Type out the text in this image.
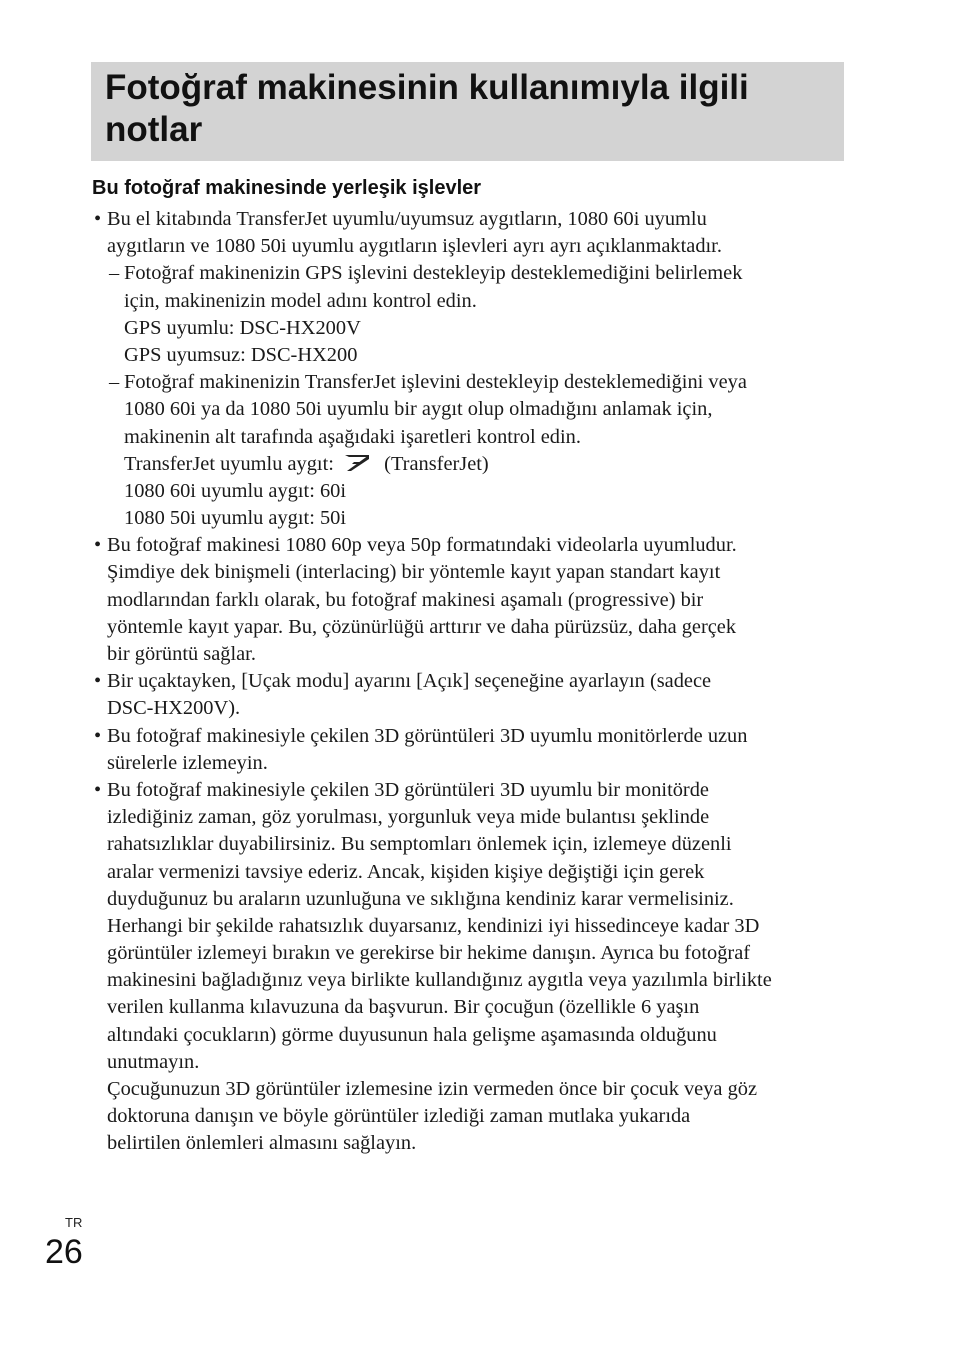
Fotoğraf makinesinin kullanımıyla ilgili
notlar
Bu fotoğraf makinesinde yerleşik işlevler
• Bu el kitabında TransferJet uyumlu/uyumsuz aygıtların, 1080 60i uyumlu
aygıtların ve 1080 50i uyumlu aygıtların işlevleri ayrı ayrı açıklanmaktadır.
– Fotoğraf makinenizin GPS işlevini destekleyip desteklemediğini belirlemek
için, makinenizin model adını kontrol edin.
GPS uyumlu: DSC-HX200V
GPS uyumsuz: DSC-HX200
– Fotoğraf makinenizin TransferJet işlevini destekleyip desteklemediğini veya
1080 60i ya da 1080 50i uyumlu bir aygıt olup olmadığını anlamak için,
makinenin alt tarafında aşağıdaki işaretleri kontrol edin.
TransferJet uyumlu aygıt: (TransferJet)
1080 60i uyumlu aygıt: 60i
1080 50i uyumlu aygıt: 50i
• Bu fotoğraf makinesi 1080 60p veya 50p formatındaki videolarla uyumludur.
Şimdiye dek binişmeli (interlacing) bir yöntemle kayıt yapan standart kayıt
modlarından farklı olarak, bu fotoğraf makinesi aşamalı (progressive) bir
yöntemle kayıt yapar. Bu, çözünürlüğü arttırır ve daha pürüzsüz, daha gerçek
bir görüntü sağlar.
• Bir uçaktayken, [Uçak modu] ayarını [Açık] seçeneğine ayarlayın (sadece
DSC-HX200V).
• Bu fotoğraf makinesiyle çekilen 3D görüntüleri 3D uyumlu monitörlerde uzun
sürelerle izlemeyin.
• Bu fotoğraf makinesiyle çekilen 3D görüntüleri 3D uyumlu bir monitörde
izlediğiniz zaman, göz yorulması, yorgunluk veya mide bulantısı şeklinde
rahatsızlıklar duyabilirsiniz. Bu semptomları önlemek için, izlemeye düzenli
aralar vermenizi tavsiye ederiz. Ancak, kişiden kişiye değiştiği için gerek
duyduğunuz bu araların uzunluğuna ve sıklığına kendiniz karar vermelisiniz.
Herhangi bir şekilde rahatsızlık duyarsanız, kendinizi iyi hissedinceye kadar 3D
görüntüler izlemeyi bırakın ve gerekirse bir hekime danışın. Ayrıca bu fotoğraf
makinesini bağladığınız veya birlikte kullandığınız aygıtla veya yazılımla birlikte
verilen kullanma kılavuzuna da başvurun. Bir çocuğun (özellikle 6 yaşın
altındaki çocukların) görme duyusunun hala gelişme aşamasında olduğunu
unutmayın.
Çocuğunuzun 3D görüntüler izlemesine izin vermeden önce bir çocuk veya göz
doktoruna danışın ve böyle görüntüler izlediği zaman mutlaka yukarıda
belirtilen önlemleri almasını sağlayın.
TR
26
